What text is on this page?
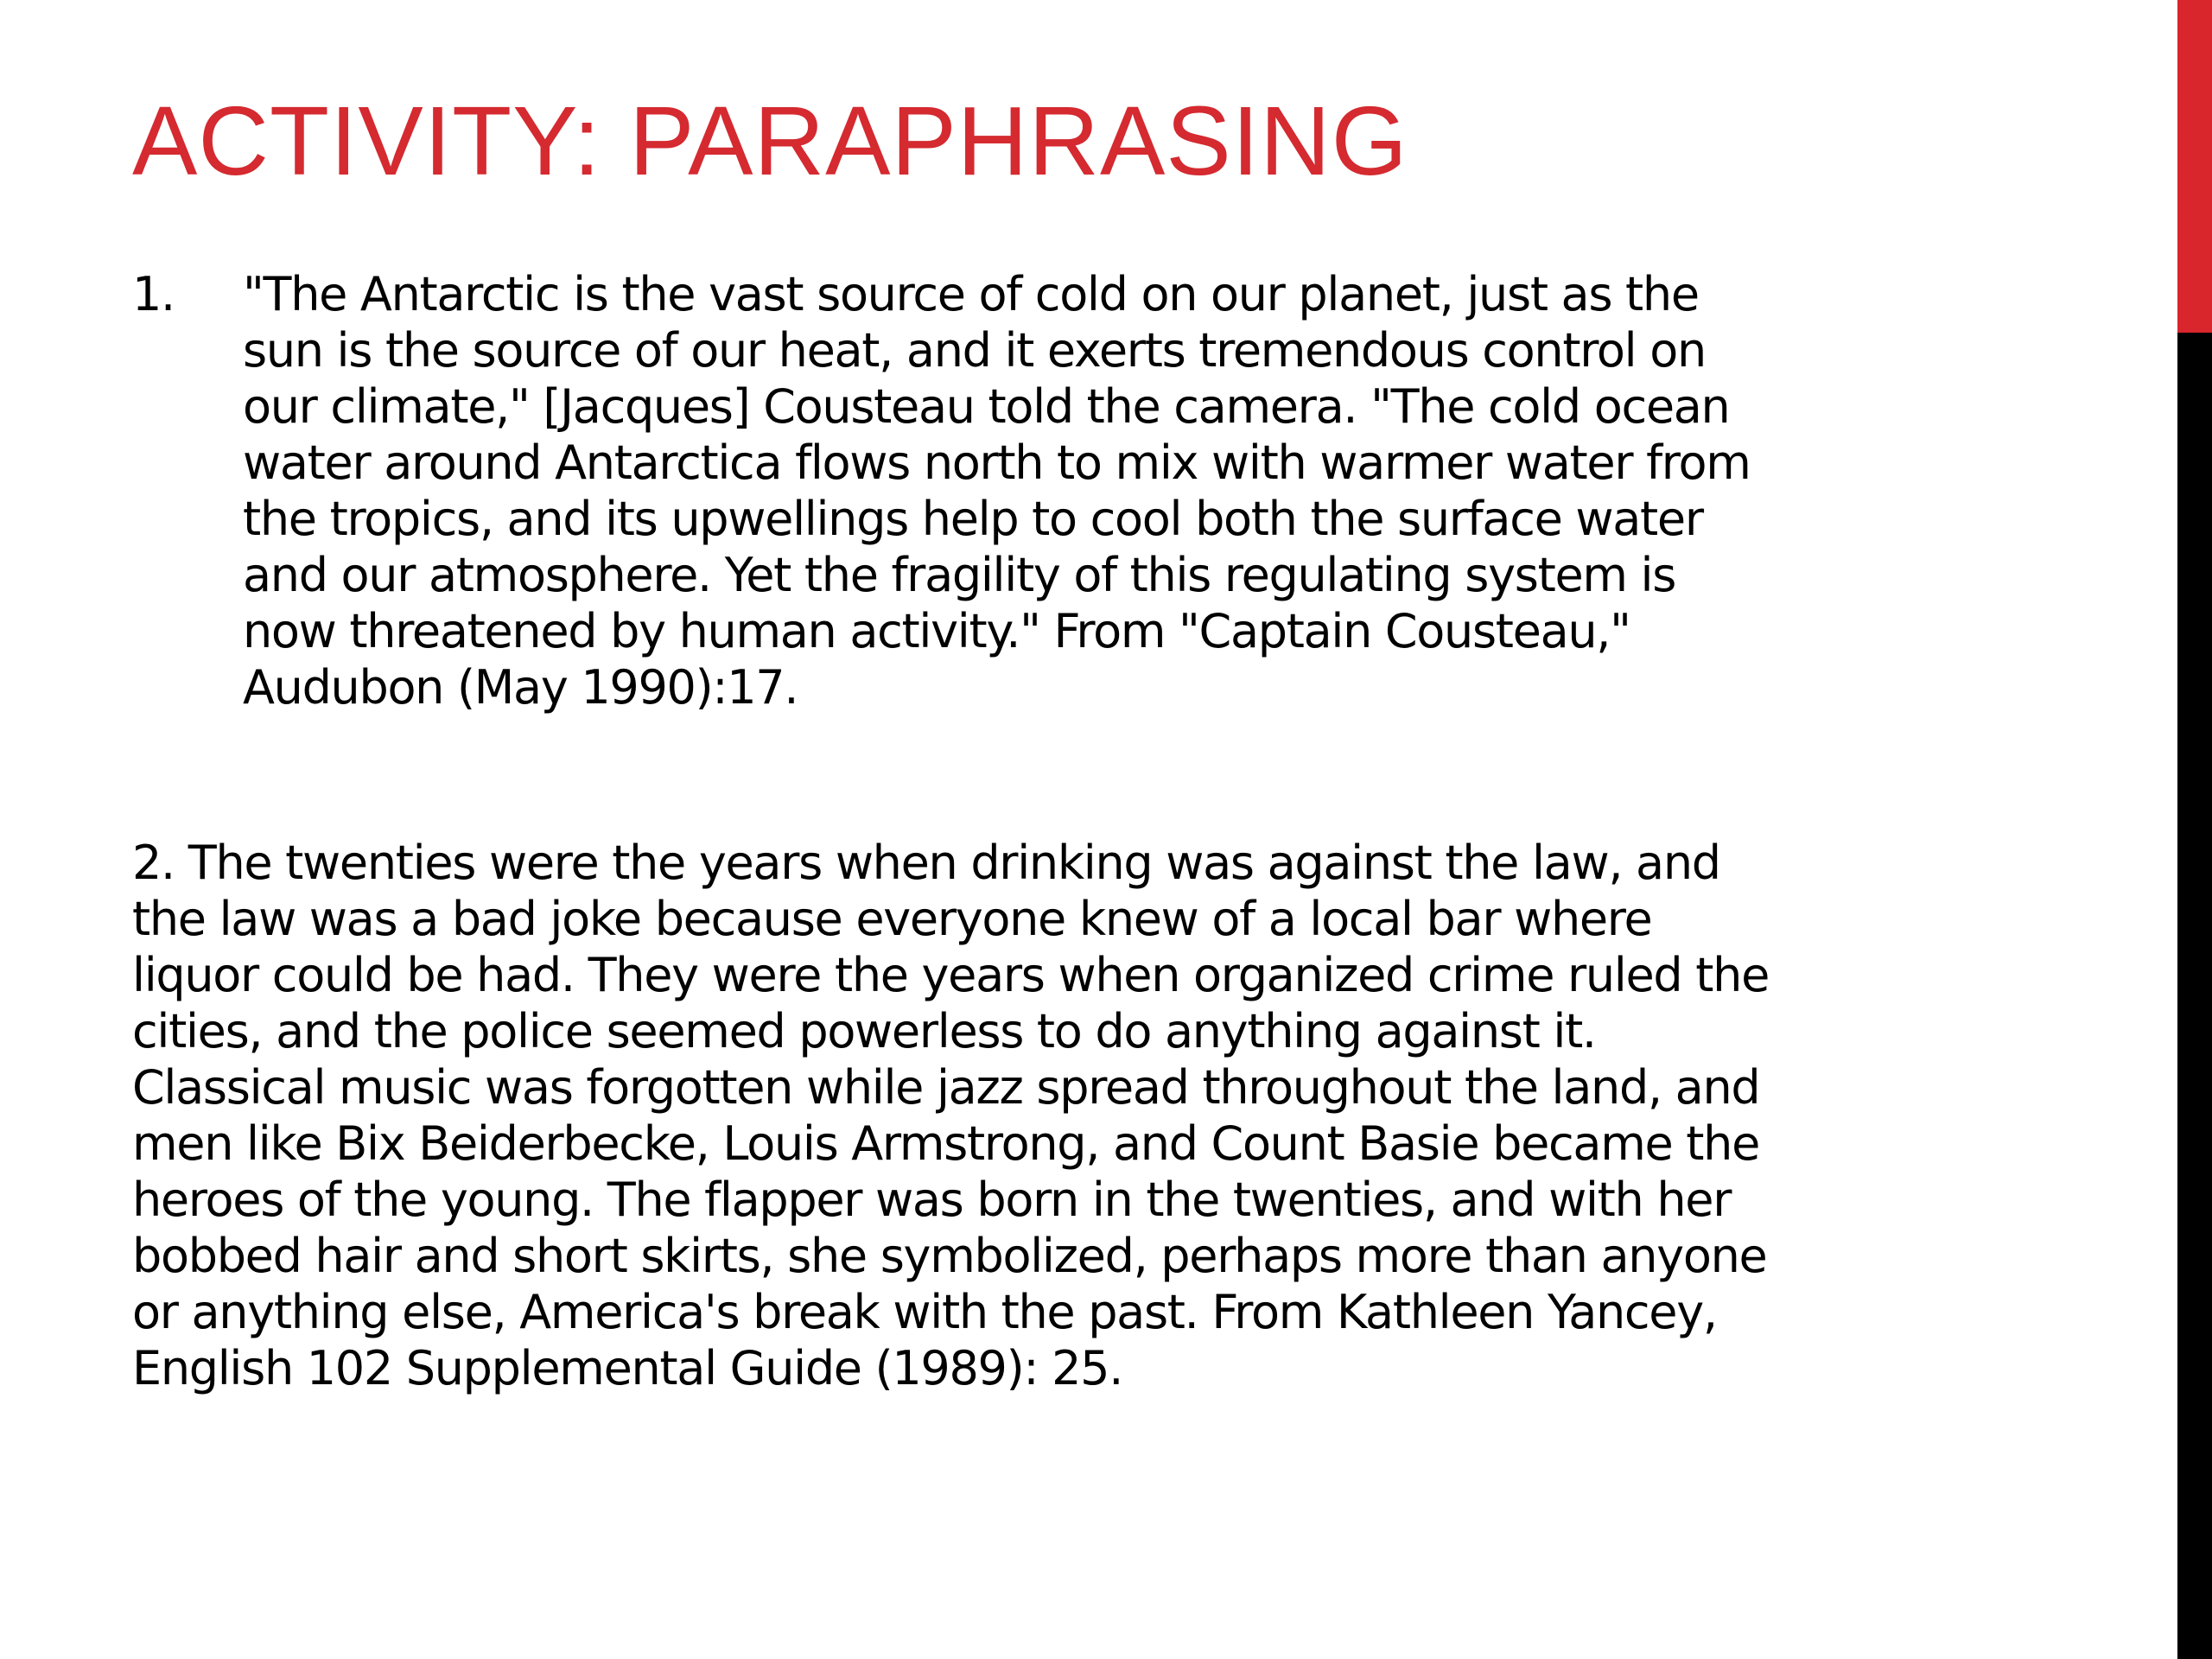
ACTIVITY: PARAPHRASING
1.	"The Antarctic is the vast source of cold on our planet, just as the
sun is the source of our heat, and it exerts tremendous control on
our climate," [Jacques] Cousteau told the camera. "The cold ocean
water around Antarctica flows north to mix with warmer water from
the tropics, and its upwellings help to cool both the surface water
and our atmosphere. Yet the fragility of this regulating system is
now threatened by human activity." From "Captain Cousteau,"
Audubon (May 1990):17.
2. The twenties were the years when drinking was against the law, and
the law was a bad joke because everyone knew of a local bar where
liquor could be had. They were the years when organized crime ruled the
cities, and the police seemed powerless to do anything against it.
Classical music was forgotten while jazz spread throughout the land, and
men like Bix Beiderbecke, Louis Armstrong, and Count Basie became the
heroes of the young. The flapper was born in the twenties, and with her
bobbed hair and short skirts, she symbolized, perhaps more than anyone
or anything else, America's break with the past. From Kathleen Yancey,
English 102 Supplemental Guide (1989): 25.
